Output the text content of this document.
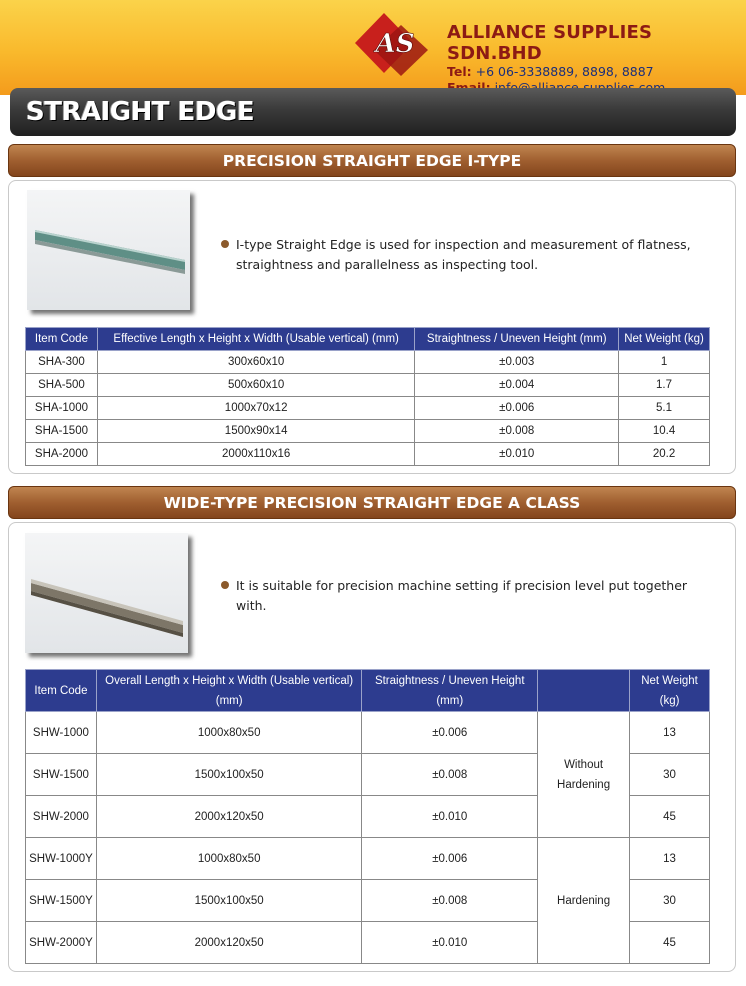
AS ALLIANCE SUPPLIES SDN.BHD
Tel: +6 06-3338889, 8898, 8887
STRAIGHT EDGE
PRECISION STRAIGHT EDGE I-TYPE
I-type Straight Edge is used for inspection and measurement of flatness, straightness and parallelness as inspecting tool.
Item Code	Effective Length x Height x Width (Usable vertical) (mm)	Straightness / Uneven Height (mm)	Net Weight (kg)
SHA-300	300x60x10	±0.003	1
SHA-500	500x60x10	±0.004	1.7
SHA-1000	1000x70x12	±0.006	5.1
SHA-1500	1500x90x14	±0.008	10.4
SHA-2000	2000x110x16	±0.010	20.2
WIDE-TYPE PRECISION STRAIGHT EDGE A CLASS
It is suitable for precision machine setting if precision level put together with.
Item Code	Overall Length x Height x Width (Usable vertical) (mm)	Straightness / Uneven Height (mm)		Net Weight (kg)
SHW-1000	1000x80x50	±0.006	Without Hardening	13
SHW-1500	1500x100x50	±0.008		30
SHW-2000	2000x120x50	±0.010		45
SHW-1000Y	1000x80x50	±0.006	Hardening	13
SHW-1500Y	1500x100x50	±0.008		30
SHW-2000Y	2000x120x50	±0.010		45
